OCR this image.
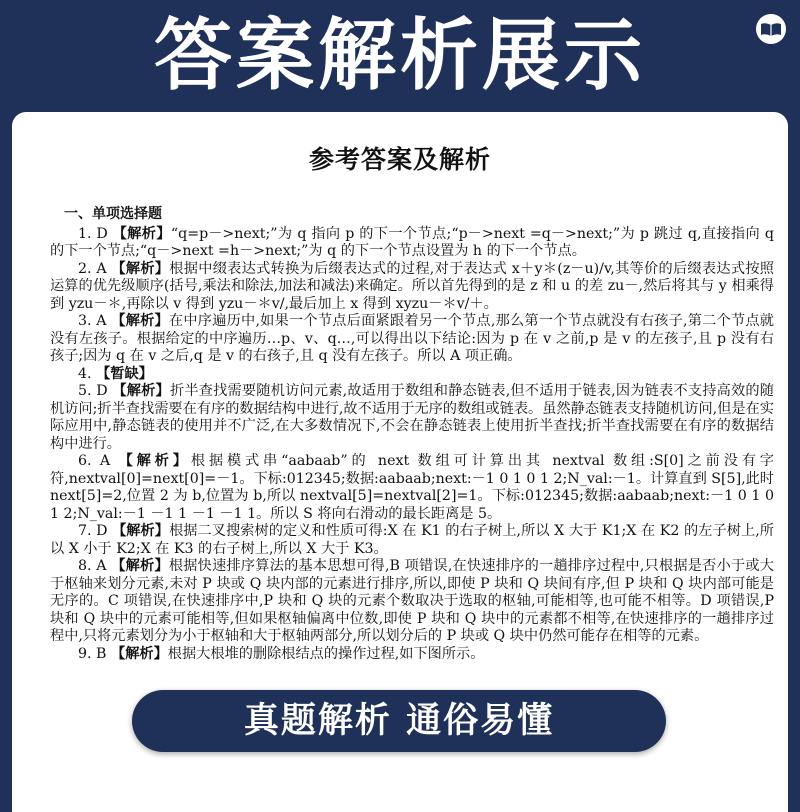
答案解析展示
参考答案及解析
一、单项选择题

1. D 【解析】“q=p－>next;”为 q 指向 p 的下一个节点;“p－>next =q－>next;”为 p 跳过 q,直接指向 q 的下一个节点;“q－>next =h－>next;”为 q 的下一个节点设置为 h 的下一个节点。

2. A 【解析】根据中缀表达式转换为后缀表达式的过程,对于表达式 x＋y＊(z－u)/v,其等价的后缀表达式按照运算的优先级顺序(括号,乘法和除法,加法和减法)来确定。所以首先得到的是 z 和 u 的差 zu－,然后将其与 y 相乘得到 yzu－＊,再除以 v 得到 yzu－＊v/,最后加上 x 得到 xyzu－＊v/＋。

3. A 【解析】在中序遍历中,如果一个节点后面紧跟着另一个节点,那么第一个节点就没有右孩子,第二个节点就没有左孩子。根据给定的中序遍历…p、v、q…,可以得出以下结论:因为 p 在 v 之前,p 是 v 的左孩子,且 p 没有右孩子;因为 q 在 v 之后,q 是 v 的右孩子,且 q 没有左孩子。所以 A 项正确。

4. 【暂缺】

5. D 【解析】折半查找需要随机访问元素,故适用于数组和静态链表,但不适用于链表,因为链表不支持高效的随机访问;折半查找需要在有序的数据结构中进行,故不适用于无序的数组或链表。虽然静态链表支持随机访问,但是在实际应用中,静态链表的使用并不广泛,在大多数情况下,不会在静态链表上使用折半查找;折半查找需要在有序的数据结构中进行。

6. A 【解析】根据模式串“aabaab”的 next 数组可计算出其 nextval 数组:S[0]之前没有字符,nextval[0]=next[0]=－1。下标:012345;数据:aabaab;next:－1 0 1 0 1 2;N_val:－1。计算直到 S[5],此时 next[5]=2,位置 2 为 b,位置为 b,所以 nextval[5]=nextval[2]=1。下标:012345;数据:aabaab;next:－1 0 1 0 1 2;N_val:－1 －1 1 －1 －1 1。所以 S 将向右滑动的最长距离是 5。

7. D 【解析】根据二叉搜索树的定义和性质可得:X 在 K1 的右子树上,所以 X 大于 K1;X 在 K2 的左子树上,所以 X 小于 K2;X 在 K3 的右子树上,所以 X 大于 K3。

8. A 【解析】根据快速排序算法的基本思想可得,B 项错误,在快速排序的一趟排序过程中,只根据是否小于或大于枢轴来划分元素,未对 P 块或 Q 块内部的元素进行排序,所以,即使 P 块和 Q 块间有序,但 P 块和 Q 块内部可能是无序的。C 项错误,在快速排序中,P 块和 Q 块的元素个数取决于选取的枢轴,可能相等,也可能不相等。D 项错误,P 块和 Q 块中的元素可能相等,但如果枢轴偏离中位数,即使 P 块和 Q 块中的元素都不相等,在快速排序的一趟排序过程中,只将元素划分为小于枢轴和大于枢轴两部分,所以划分后的 P 块或 Q 块中仍然可能存在相等的元素。

9. B 【解析】根据大根堆的删除根结点的操作过程,如下图所示。

真题解析 通俗易懂
